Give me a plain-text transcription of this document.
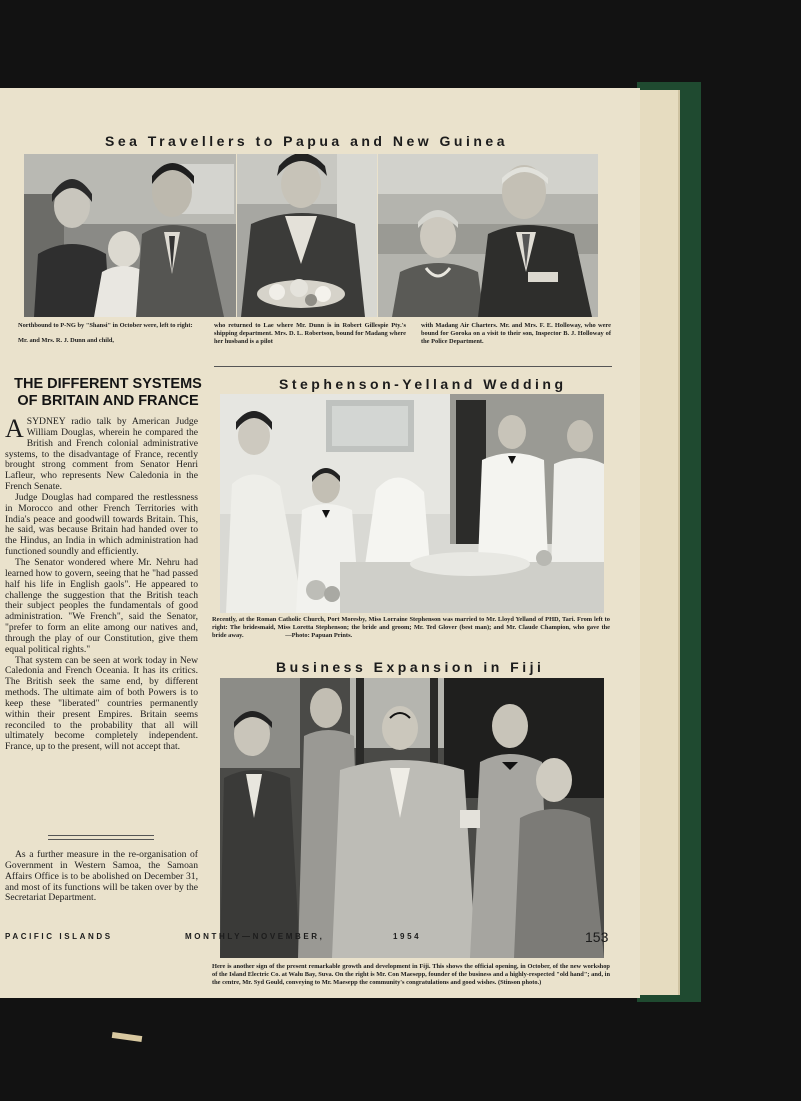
Sea Travellers to Papua and New Guinea
Northbound to P-NG by "Shansi" in October were, left to right:
Mr. and Mrs. R. J. Dunn and child,
who returned to Lae where Mr. Dunn is in Robert Gillespie Pty.'s shipping department. Mrs. D. L. Robertson, bound for Madang where her husband is a pilot
with Madang Air Charters. Mr. and Mrs. F. E. Holloway, who were bound for Goroka on a visit to their son, Inspector B. J. Holloway of the Police Department.
THE DIFFERENT SYSTEMS OF BRITAIN AND FRANCE

ASYDNEY radio talk by American Judge William Douglas, wherein he compared the British and French colonial administrative systems, to the disadvantage of France, recently brought strong comment from Senator Henri Lafleur, who represents New Caledonia in the French Senate.

Judge Douglas had compared the restlessness in Morocco and other French Territories with India's peace and goodwill towards Britain. This, he said, was because Britain had handed over to the Hindus, an India in which administration had functioned soundly and efficiently.

The Senator wondered where Mr. Nehru had learned how to govern, seeing that he "had passed half his life in English gaols". He appeared to challenge the suggestion that the British teach their subject peoples the fundamentals of good administration. "We French", said the Senator, "prefer to form an elite among our natives and, through the play of our Constitution, give them equal political rights."

That system can be seen at work today in New Caledonia and French Oceania. It has its critics. The British seek the same end, by different methods. The ultimate aim of both Powers is to keep these "liberated" countries permanently within their present Empires. Britain seems reconciled to the probability that all will ultimately become completely independent. France, up to the present, will not accept that.

As a further measure in the re-organisation of Government in Western Samoa, the Samoan Affairs Office is to be abolished on December 31, and most of its functions will be taken over by the Secretariat Department.

Stephenson-Yelland Wedding
Recently, at the Roman Catholic Church, Port Moresby, Miss Lorraine Stephenson was married to Mr. Lloyd Yelland of PHD, Tari. From left to right: The bridesmaid, Miss Loretta Stephenson; the bride and groom; Mr. Ted Glover (best man); and Mr. Claude Champion, who gave the bride away.	—Photo: Papuan Prints.
Business Expansion in Fiji
Here is another sign of the present remarkable growth and development in Fiji. This shows the official opening, in October, of the new workshop of the Island Electric Co. at Walu Bay, Suva. On the right is Mr. Con Maesepp, founder of the business and a highly-respected "old hand"; and, in the centre, Mr. Syd Gould, conveying to Mr. Maesepp the community's congratulations and good wishes. (Stinson photo.)
PACIFIC ISLANDS	MONTHLY—NOVEMBER,	1954	153
